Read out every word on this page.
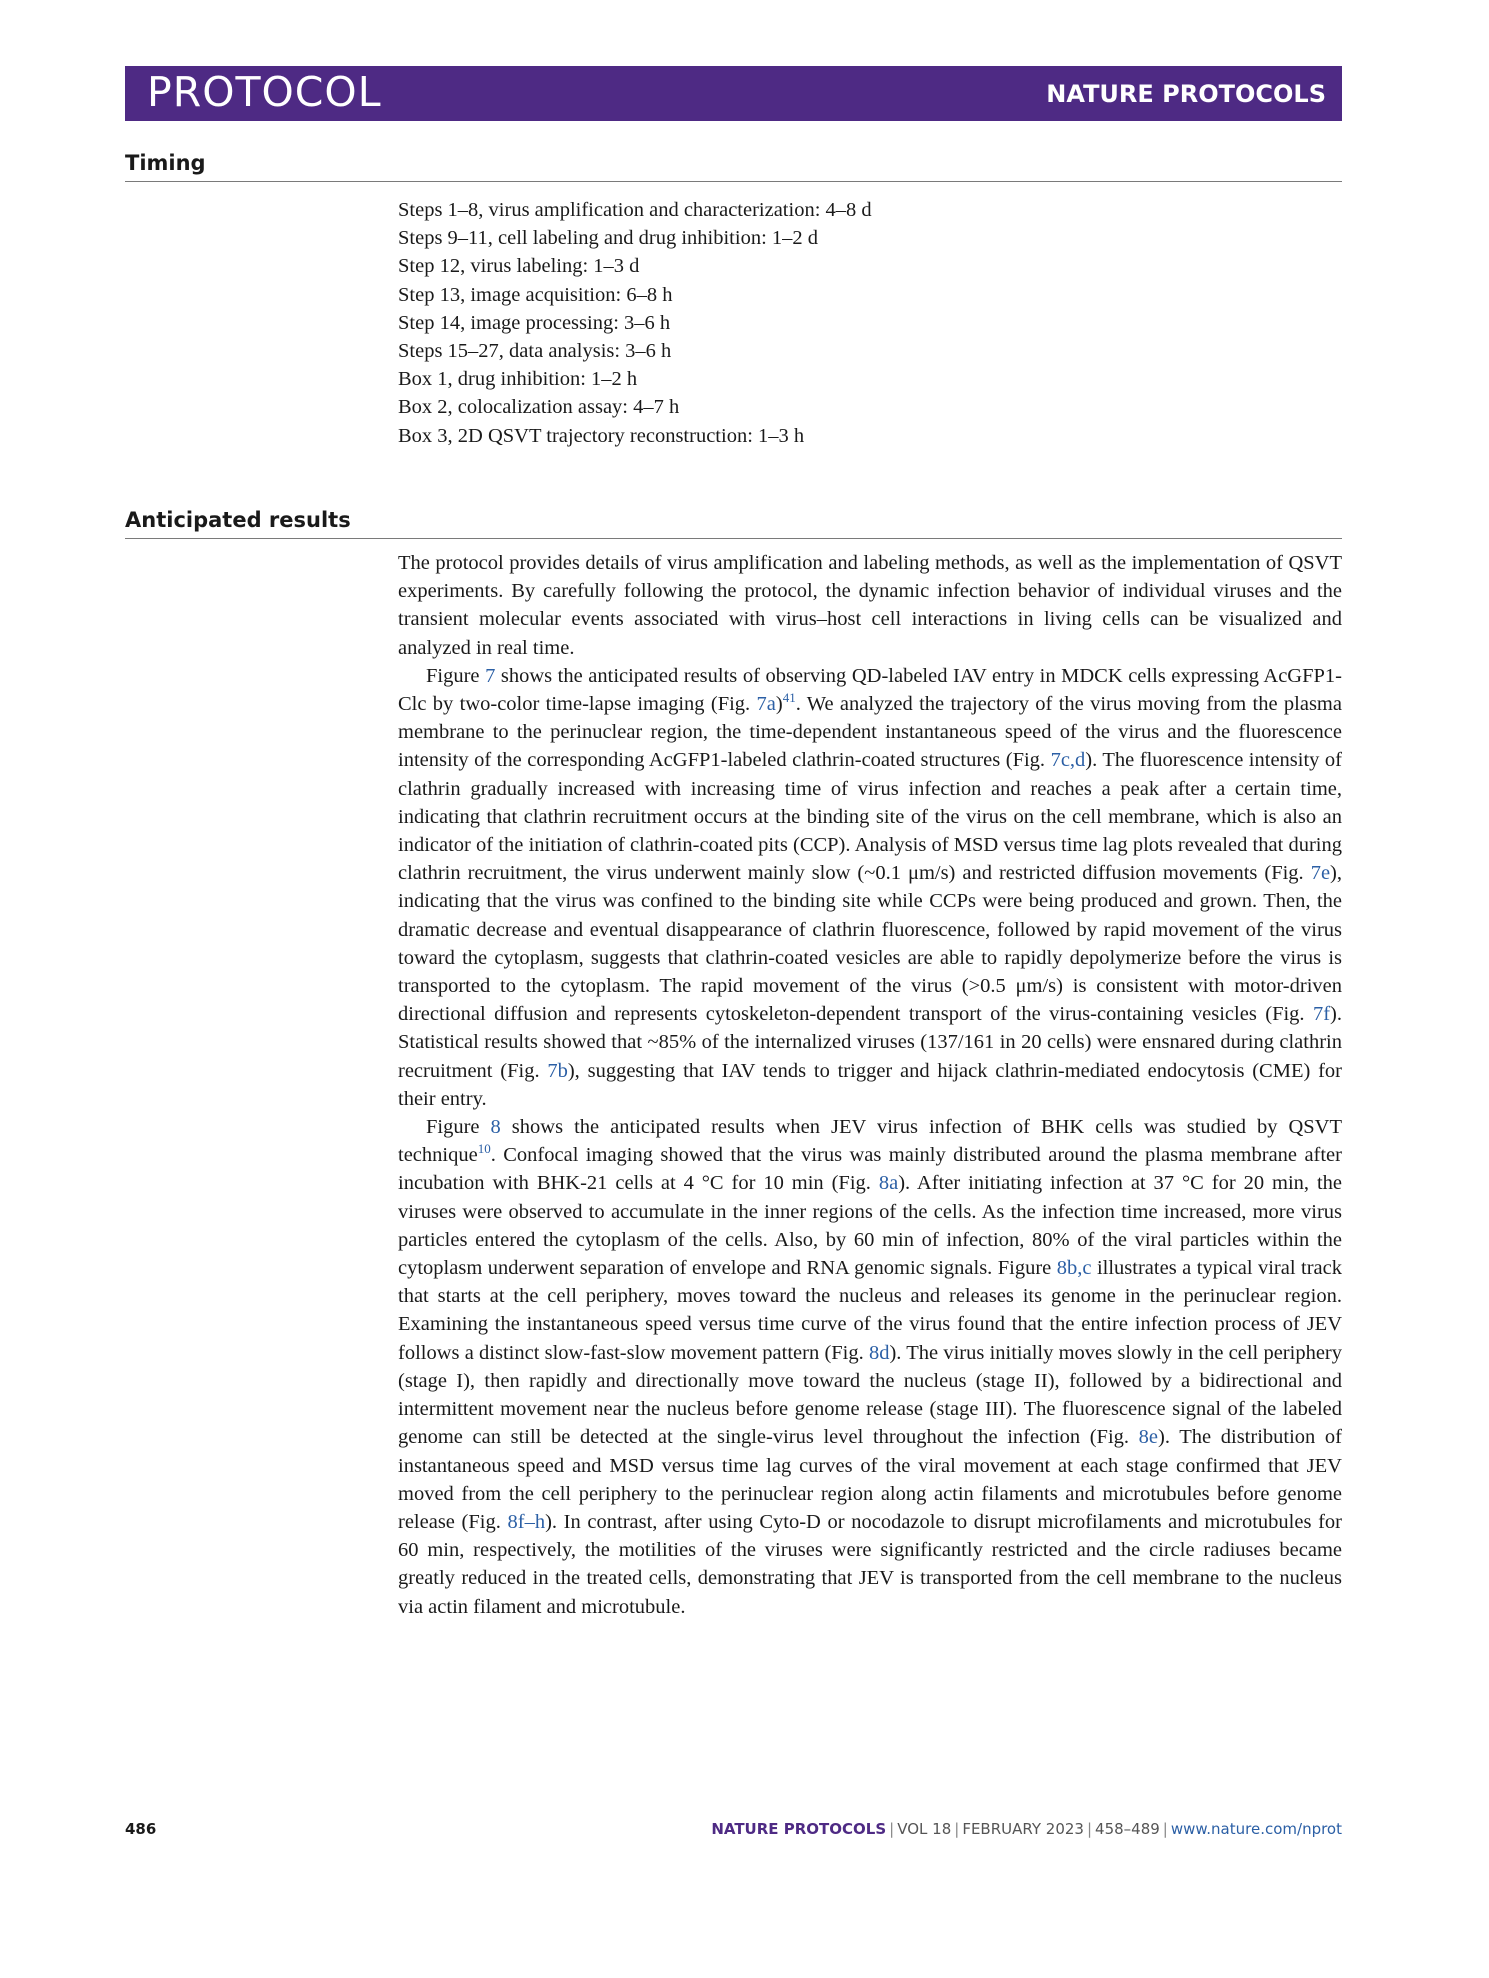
PROTOCOL	NATURE PROTOCOLS
Timing
Steps 1–8, virus amplification and characterization: 4–8 d
Steps 9–11, cell labeling and drug inhibition: 1–2 d
Step 12, virus labeling: 1–3 d
Step 13, image acquisition: 6–8 h
Step 14, image processing: 3–6 h
Steps 15–27, data analysis: 3–6 h
Box 1, drug inhibition: 1–2 h
Box 2, colocalization assay: 4–7 h
Box 3, 2D QSVT trajectory reconstruction: 1–3 h
Anticipated results

The protocol provides details of virus amplification and labeling methods, as well as the implementation of QSVT experiments. By carefully following the protocol, the dynamic infection behavior of individual viruses and the transient molecular events associated with virus–host cell interactions in living cells can be visualized and analyzed in real time.

Figure 7 shows the anticipated results of observing QD-labeled IAV entry in MDCK cells expressing AcGFP1-Clc by two-color time-lapse imaging (Fig. 7a)$^{41}$. We analyzed the trajectory of the virus moving from the plasma membrane to the perinuclear region, the time-dependent instantaneous speed of the virus and the fluorescence intensity of the corresponding AcGFP1-labeled clathrin-coated structures (Fig. 7c,d). The fluorescence intensity of clathrin gradually increased with increasing time of virus infection and reaches a peak after a certain time, indicating that clathrin recruitment occurs at the binding site of the virus on the cell membrane, which is also an indicator of the initiation of clathrin-coated pits (CCP). Analysis of MSD versus time lag plots revealed that during clathrin recruitment, the virus underwent mainly slow (~0.1 μm/s) and restricted diffusion movements (Fig. 7e), indicating that the virus was confined to the binding site while CCPs were being produced and grown. Then, the dramatic decrease and eventual disappearance of clathrin fluorescence, followed by rapid movement of the virus toward the cytoplasm, suggests that clathrin-coated vesicles are able to rapidly depolymerize before the virus is transported to the cytoplasm. The rapid movement of the virus (>0.5 μm/s) is consistent with motor-driven directional diffusion and represents cytoskeleton-dependent transport of the virus-containing vesicles (Fig. 7f). Statistical results showed that ~85% of the internalized viruses (137/161 in 20 cells) were ensnared during clathrin recruitment (Fig. 7b), suggesting that IAV tends to trigger and hijack clathrin-mediated endocytosis (CME) for their entry.

Figure 8 shows the anticipated results when JEV virus infection of BHK cells was studied by QSVT technique$^{10}$. Confocal imaging showed that the virus was mainly distributed around the plasma membrane after incubation with BHK-21 cells at 4 °C for 10 min (Fig. 8a). After initiating infection at 37 °C for 20 min, the viruses were observed to accumulate in the inner regions of the cells. As the infection time increased, more virus particles entered the cytoplasm of the cells. Also, by 60 min of infection, 80% of the viral particles within the cytoplasm underwent separation of envelope and RNA genomic signals. Figure 8b,c illustrates a typical viral track that starts at the cell periphery, moves toward the nucleus and releases its genome in the perinuclear region. Examining the instantaneous speed versus time curve of the virus found that the entire infection process of JEV follows a distinct slow-fast-slow movement pattern (Fig. 8d). The virus initially moves slowly in the cell periphery (stage I), then rapidly and directionally move toward the nucleus (stage II), followed by a bidirectional and intermittent movement near the nucleus before genome release (stage III). The fluorescence signal of the labeled genome can still be detected at the single-virus level throughout the infection (Fig. 8e). The distribution of instantaneous speed and MSD versus time lag curves of the viral movement at each stage confirmed that JEV moved from the cell periphery to the perinuclear region along actin filaments and microtubules before genome release (Fig. 8f–h). In contrast, after using Cyto-D or nocodazole to disrupt microfilaments and microtubules for 60 min, respectively, the motilities of the viruses were significantly restricted and the circle radiuses became greatly reduced in the treated cells, demonstrating that JEV is transported from the cell membrane to the nucleus via actin filament and microtubule.

486	NATURE PROTOCOLS | VOL 18 | FEBRUARY 2023 | 458–489 | www.nature.com/nprot
